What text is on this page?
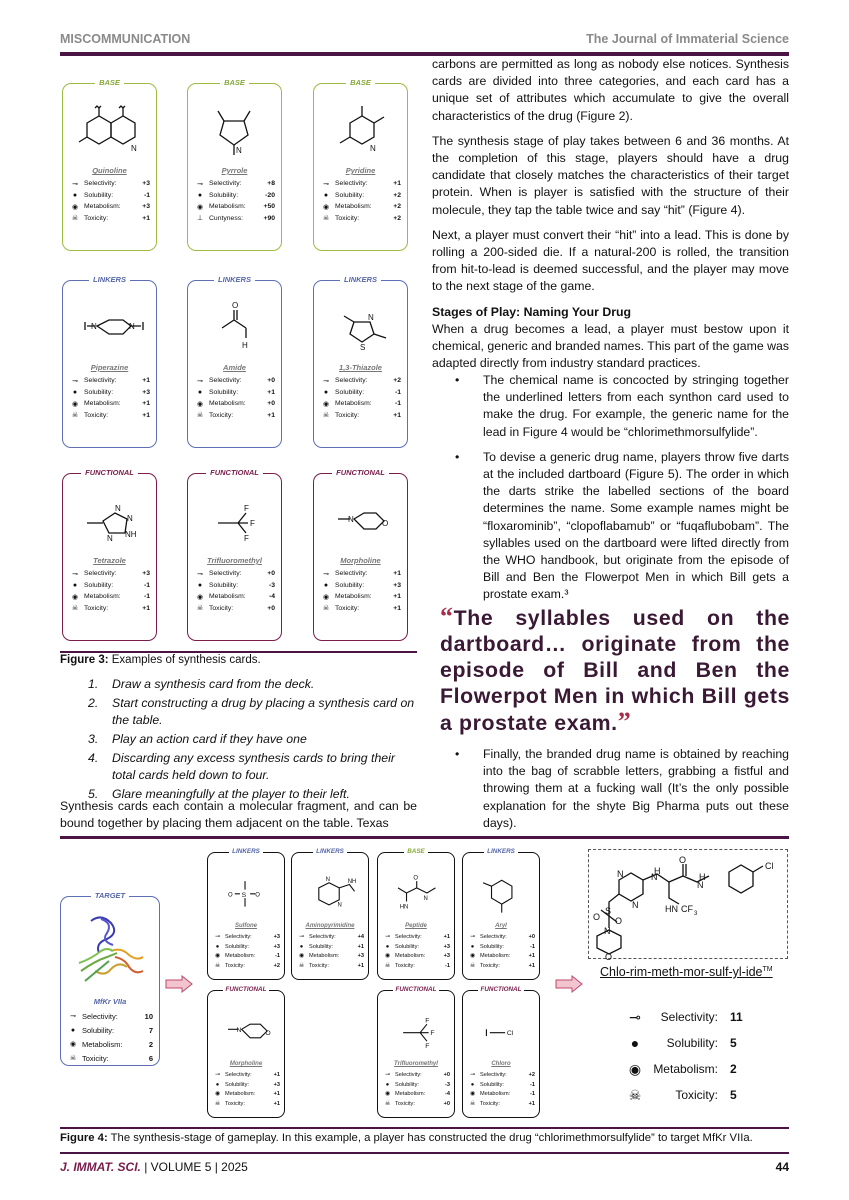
MISCOMMUNICATION	The Journal of Immaterial Science
BASE
N
Quinoline
⊸ Selectivity:	+3
●	Solubility:	-1
◉ Metabolism:	+3
☠ Toxicity:	+1
BASE
N
Pyrrole
⊸ Selectivity:	+8
●	Solubility:	-20
◉ Metabolism:	+50
⊥ Cuntyness:	+90
BASE
N
Pyridine
⊸ Selectivity:	+1
●	Solubility:	+2
◉ Metabolism:	+2
☠ Toxicity:	+2
LINKERS
N	N
Piperazine
⊸ Selectivity:	+1
●	Solubility:	+3
◉ Metabolism:	+1
☠ Toxicity:	+1
LINKERS
O
H
Amide
⊸ Selectivity:	+0
●	Solubility:	+1
◉ Metabolism:	+0
☠ Toxicity:	+1
LINKERS
N
S
1,3-Thiazole
⊸ Selectivity:	+2
●	Solubility:	-1
◉ Metabolism:	-1
☠ Toxicity:	+1
FUNCTIONAL
N
N
NH
N
Tetrazole
⊸ Selectivity:	+3
●	Solubility:	-1
◉ Metabolism:	-1
☠ Toxicity:	+1
FUNCTIONAL
F
F
F
Trifluoromethyl
⊸ Selectivity:	+0
●	Solubility:	-3
◉ Metabolism:	-4
☠ Toxicity:	+0
FUNCTIONAL
N	O
Morpholine
⊸ Selectivity:	+1
●	Solubility:	+3
◉ Metabolism:	+1
☠ Toxicity:	+1
Figure 3: Examples of synthesis cards.
1.	Draw a synthesis card from the deck.
2.	Start constructing a drug by placing a synthesis card on the table.
3.	Play an action card if they have one
4.	Discarding any excess synthesis cards to bring their total cards held down to four.
5.	Glare meaningfully at the player to their left.

Synthesis cards each contain a molecular fragment, and can be bound together by placing them adjacent on the table. Texas

carbons are permitted as long as nobody else notices. Synthesis cards are divided into three categories, and each card has a unique set of attributes which accumulate to give the overall characteristics of the drug (Figure 2).

The synthesis stage of play takes between 6 and 36 months. At the completion of this stage, players should have a drug candidate that closely matches the characteristics of their target protein. When is player is satisfied with the structure of their molecule, they tap the table twice and say “hit” (Figure 4).

Next, a player must convert their “hit” into a lead. This is done by rolling a 200-sided die. If a natural-200 is rolled, the transition from hit-to-lead is deemed successful, and the player may move to the next stage of the game.

Stages of Play: Naming Your Drug

When a drug becomes a lead, a player must bestow upon it chemical, generic and branded names. This part of the game was adapted directly from industry standard practices.

• The chemical name is concocted by stringing together the underlined letters from each synthon card used to make the drug. For example, the generic name for the lead in Figure 4 would be “chlorimethmorsulfylide”.
• To devise a generic drug name, players throw five darts at the included dartboard (Figure 5). The order in which the darts strike the labelled sections of the board determines the name. Some example names might be “floxarominib”, “clopoflabamub” or “fuqaflubobam”. The syllables used on the dartboard were lifted directly from the WHO handbook, but originate from the episode of Bill and Ben the Flowerpot Men in which Bill gets a prostate exam.³
“The syllables used on the dartboard… originate from the episode of Bill and Ben the Flowerpot Men in which Bill gets a prostate exam.”
• Finally, the branded drug name is obtained by reaching into the bag of scrabble letters, grabbing a fistful and throwing them at a fucking wall (It’s the only possible explanation for the shyte Big Pharma puts out these days).
TARGET
MfKr VIIa
⊸ Selectivity:	10
● Solubility:	7
◉ Metabolism:	2
☠ Toxicity:	6
LINKERS
S
O	O
Sulfone
⊸ Selectivity:	+3
●	Solubility:	+3
◉ Metabolism:	-1
☠ Toxicity:	+2
LINKERS
N
N
NH
Aminopyrimidine
⊸ Selectivity:	+4
●	Solubility:	+1
◉ Metabolism:	+3
☠ Toxicity:	+1
BASE
O
N
HN
Peptide
⊸ Selectivity:	+1
●	Solubility:	+3
◉ Metabolism:	+3
☠ Toxicity:	-1
LINKERS
Aryl
⊸ Selectivity:	+0
●	Solubility:	-1
◉ Metabolism:	+1
☠ Toxicity:	+1
FUNCTIONAL
N	O
Morpholine
⊸ Selectivity:	+1
●	Solubility:	+3
◉ Metabolism:	+1
☠ Toxicity:	+1
FUNCTIONAL
F
F
F
Trifluoromethyl
⊸ Selectivity:	+0
●	Solubility:	-3
◉ Metabolism:	-4
☠ Toxicity:	+0
FUNCTIONAL
Cl
Chloro
⊸ Selectivity:	+2
●	Solubility:	-1
◉ Metabolism:	-1
☠ Toxicity:	+1
N
N	H
N
O
N
H
Cl
HN CF 3
O
S
O
N
O
Chlo-rim-meth-mor-sulf-yl-ide™
⊸	Selectivity:	11
●	Solubility:	5
◉	Metabolism:	2
☠	Toxicity:	5
Figure 4: The synthesis-stage of gameplay. In this example, a player has constructed the drug “chlorimethmorsulfylide” to target MfKr VIIa.
J. IMMAT. SCI. | VOLUME 5 | 2025	44
